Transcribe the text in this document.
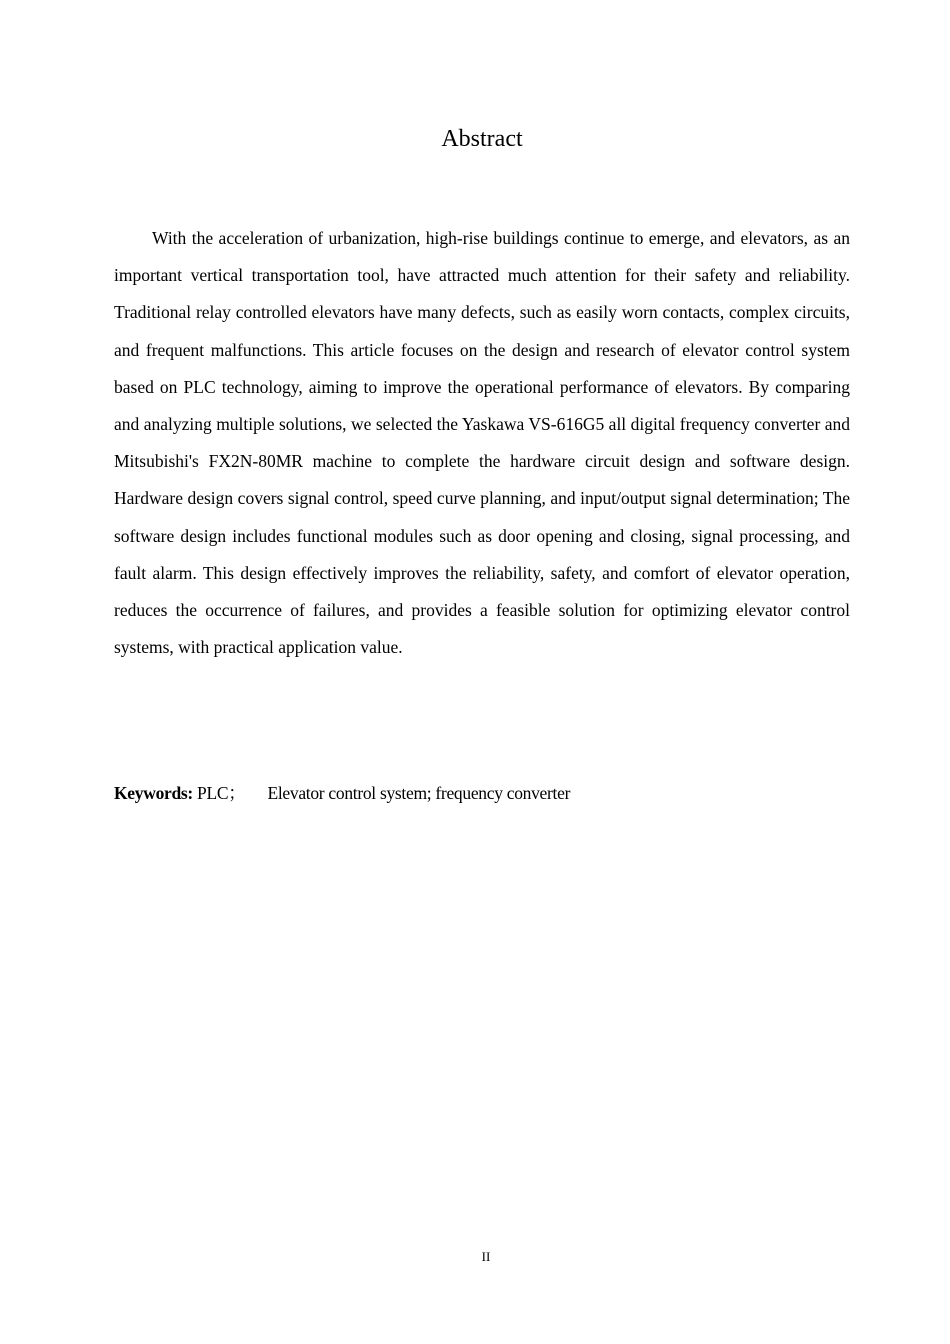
Abstract

With the acceleration of urbanization, high-rise buildings continue to emerge, and elevators, as an important vertical transportation tool, have attracted much attention for their safety and reliability. Traditional relay controlled elevators have many defects, such as easily worn contacts, complex circuits, and frequent malfunctions. This article focuses on the design and research of elevator control system based on PLC technology, aiming to improve the operational performance of elevators. By comparing and analyzing multiple solutions, we selected the Yaskawa VS-616G5 all digital frequency converter and Mitsubishi's FX2N-80MR machine to complete the hardware circuit design and software design. Hardware design covers signal control, speed curve planning, and input/output signal determination; The software design includes functional modules such as door opening and closing, signal processing, and fault alarm. This design effectively improves the reliability, safety, and comfort of elevator operation, reduces the occurrence of failures, and provides a feasible solution for optimizing elevator control systems, with practical application value.

Keywords: PLC； Elevator control system; frequency converter

II
